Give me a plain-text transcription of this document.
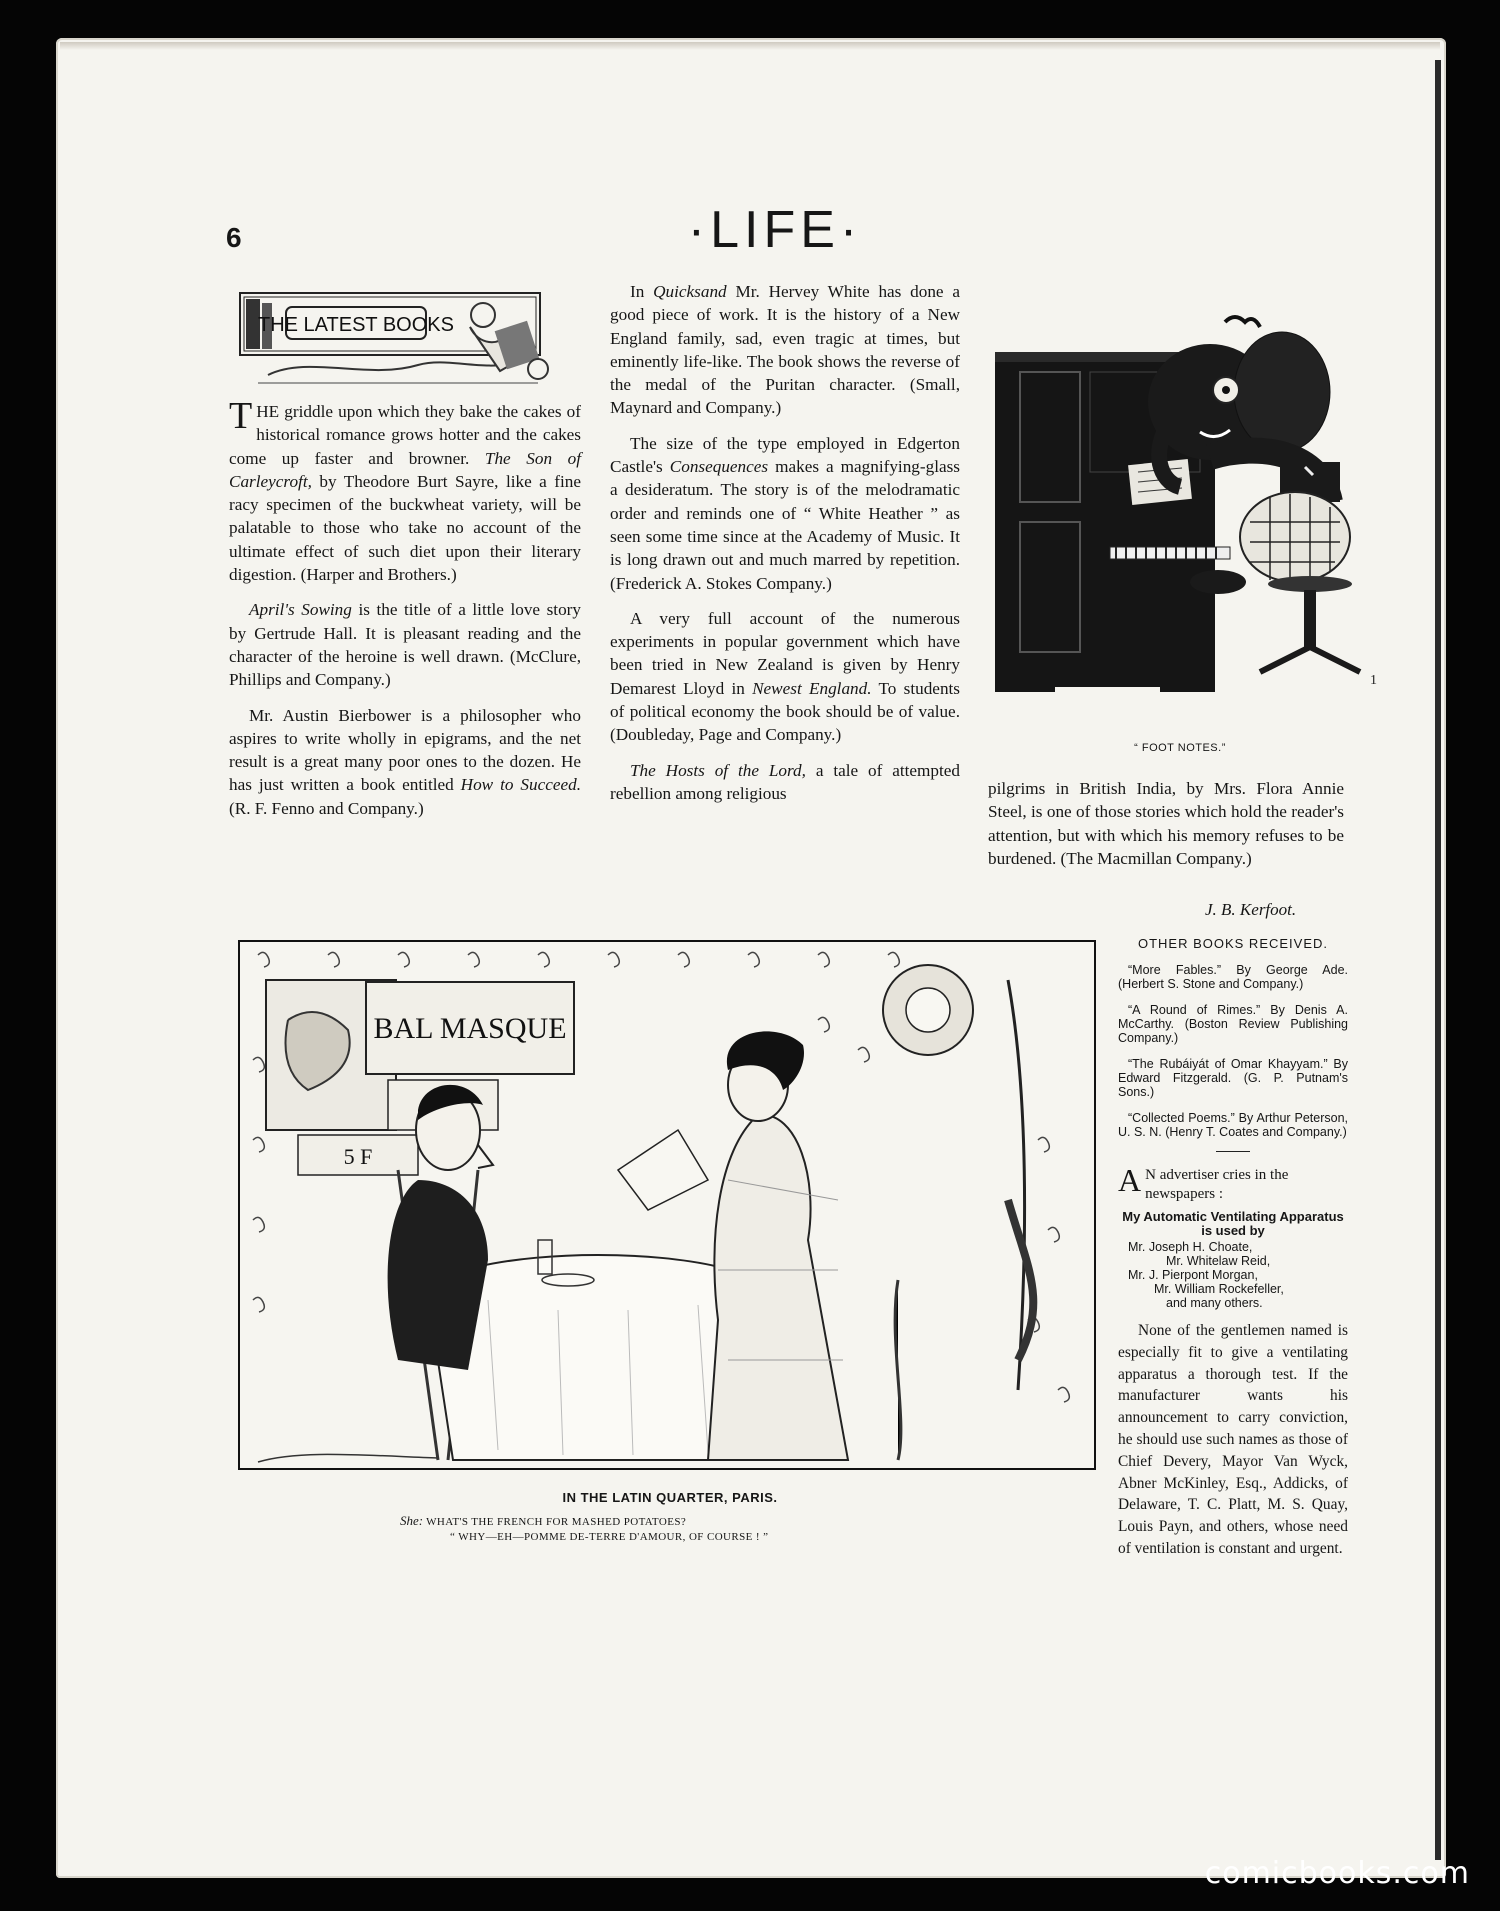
6	·LIFE·
THE LATEST BOOKS

THE griddle upon which they bake the cakes of historical romance grows hotter and the cakes come up faster and browner. The Son of Carleycroft, by Theodore Burt Sayre, like a fine racy specimen of the buckwheat variety, will be palatable to those who take no account of the ultimate effect of such diet upon their literary digestion. (Harper and Brothers.)

April's Sowing is the title of a little love story by Gertrude Hall. It is pleasant reading and the character of the heroine is well drawn. (McClure, Phillips and Company.)

Mr. Austin Bierbower is a philosopher who aspires to write wholly in epigrams, and the net result is a great many poor ones to the dozen. He has just written a book entitled How to Succeed. (R. F. Fenno and Company.)

In Quicksand Mr. Hervey White has done a good piece of work. It is the history of a New England family, sad, even tragic at times, but eminently life-like. The book shows the reverse of the medal of the Puritan character. (Small, Maynard and Company.)

The size of the type employed in Edgerton Castle's Consequences makes a magnifying-glass a desideratum. The story is of the melodramatic order and reminds one of “ White Heather ” as seen some time since at the Academy of Music. It is long drawn out and much marred by repetition. (Frederick A. Stokes Company.)

A very full account of the numerous experiments in popular government which have been tried in New Zealand is given by Henry Demarest Lloyd in Newest England. To students of political economy the book should be of value. (Doubleday, Page and Company.)

The Hosts of the Lord, a tale of attempted rebellion among religious

1
“ FOOT NOTES.”

pilgrims in British India, by Mrs. Flora Annie Steel, is one of those stories which hold the reader's attention, but with which his memory refuses to be burdened. (The Macmillan Company.)

J. B. Kerfoot.
BAL MASQUE
5 F
IN THE LATIN QUARTER, PARIS.
She: WHAT'S THE FRENCH FOR MASHED POTATOES?
“ WHY—EH—POMME DE-TERRE D'AMOUR, OF COURSE ! ”
OTHER BOOKS RECEIVED.
“More Fables.” By George Ade. (Herbert S. Stone and Company.)
“A Round of Rimes.” By Denis A. McCarthy. (Boston Review Publishing Company.)
“The Rubáiyát of Omar Khayyam.” By Edward Fitzgerald. (G. P. Putnam's Sons.)
“Collected Poems.” By Arthur Peterson, U. S. N. (Henry T. Coates and Company.)
A N advertiser cries in the newspapers :
My Automatic Ventilating Apparatus is used by
Mr. Joseph H. Choate,
Mr. Whitelaw Reid,
Mr. J. Pierpont Morgan,
Mr. William Rockefeller,
and many others.
None of the gentlemen named is especially fit to give a ventilating apparatus a thorough test. If the manufacturer wants his announcement to carry conviction, he should use such names as those of Chief Devery, Mayor Van Wyck, Abner McKinley, Esq., Addicks, of Delaware, T. C. Platt, M. S. Quay, Louis Payn, and others, whose need of ventilation is constant and urgent.
comicbooks.com
